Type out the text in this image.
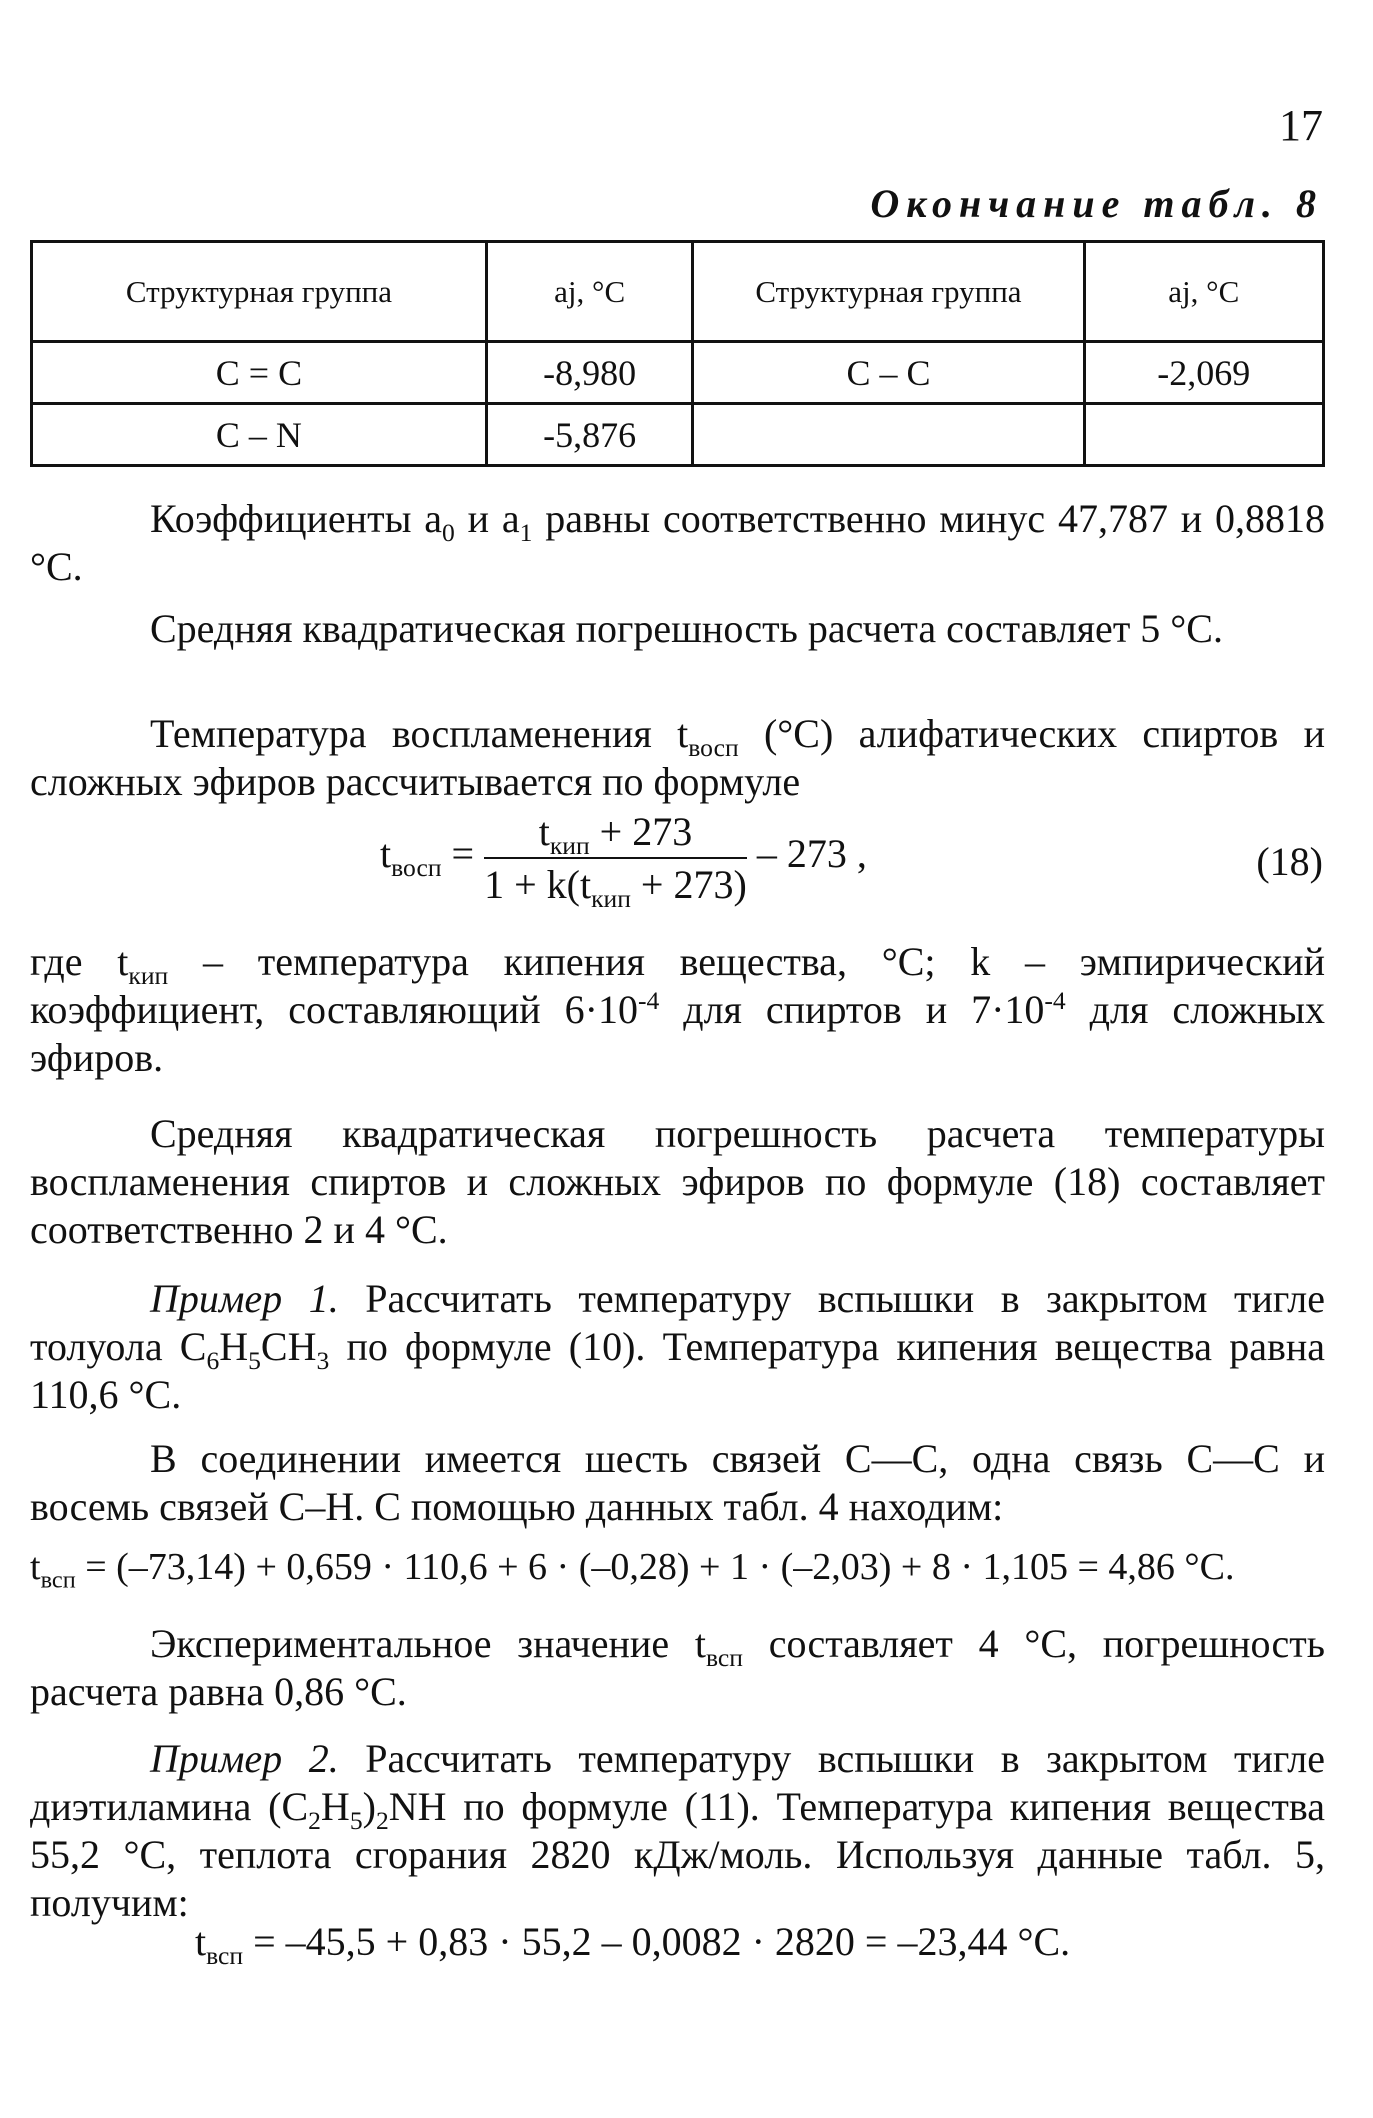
17
Окончание табл. 8
Структурная группа	aj, °C	Структурная группа	aj, °C
C = C	-8,980	C – C	-2,069
C – N	-5,876		
Коэффициенты $a_0$ и $a_1$ равны соответственно минус 47,787 и 0,8818 °С.
Средняя квадратическая погрешность расчета составляет 5 °С.
Температура воспламенения $t_{восп}$ (°С) алифатических спиртов и сложных эфиров рассчитывается по формуле
$t_{восп} = \frac{t_{кип} + 273}{1 + k(t_{кип} + 273)} - 273$ ,	(18)
где $t_{кип}$ – температура кипения вещества, °С; k – эмпирический коэффициент, составляющий $6\cdot 10^{-4}$ для спиртов и $7\cdot 10^{-4}$ для сложных эфиров.
Средняя квадратическая погрешность расчета температуры воспламенения спиртов и сложных эфиров по формуле (18) составляет соответственно 2 и 4 °С.
Пример 1. Рассчитать температуру вспышки в закрытом тигле толуола $C_6H_5CH_3$ по формуле (10). Температура кипения вещества равна 110,6 °С.
В соединении имеется шесть связей С—С, одна связь С—С и восемь связей С–Н. С помощью данных табл. 4 находим:
$t_{всп} = (-73,14) + 0,659 \cdot 110,6 + 6 \cdot (-0,28) + 1 \cdot (-2,03) + 8 \cdot 1,105 = 4,86$ °С.
Экспериментальное значение $t_{всп}$ составляет 4 °С, погрешность расчета равна 0,86 °С.
Пример 2. Рассчитать температуру вспышки в закрытом тигле диэтиламина $(C_2H_5)_2NH$ по формуле (11). Температура кипения вещества 55,2 °С, теплота сгорания 2820 кДж/моль. Используя данные табл. 5, получим:
$t_{всп} = -45,5 + 0,83 \cdot 55,2 - 0,0082 \cdot 2820 = -23,44$ °С.
